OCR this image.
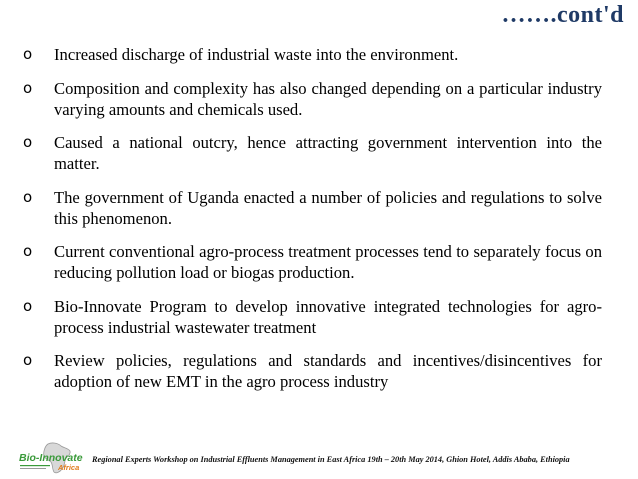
…….cont'd
o	Increased discharge of industrial waste into the environment.
o	Composition and complexity has also changed depending on a particular industry varying amounts and chemicals used.
o	Caused a national outcry, hence attracting government intervention into the matter.
o	The government of Uganda enacted a number of policies and regulations to solve this phenomenon.
o	Current conventional agro-process treatment processes tend to separately focus on reducing pollution load or biogas production.
o	Bio-Innovate Program to develop innovative integrated technologies for agro-process industrial wastewater treatment
o	Review policies, regulations and standards and incentives/disincentives for adoption of new EMT in the agro process industry
Bio-Innovate
Africa
Regional Experts Workshop on Industrial Effluents Management in East Africa 19th – 20th May 2014, Ghion Hotel, Addis Ababa, Ethiopia
